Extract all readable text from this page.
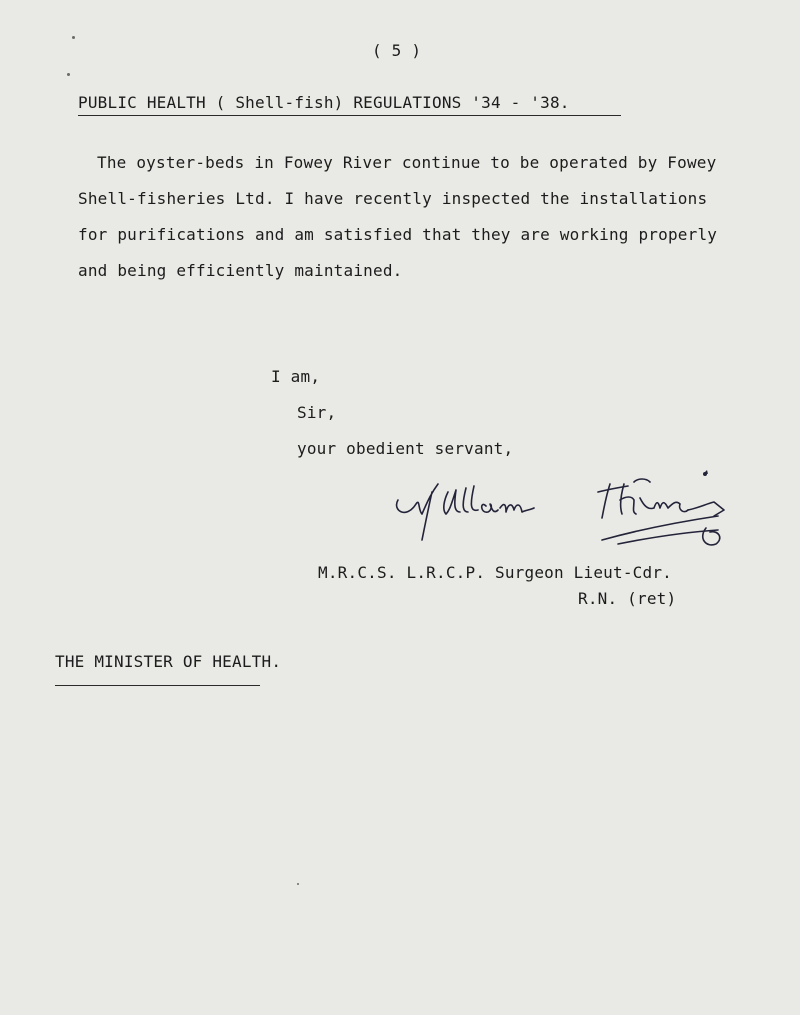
( 5 )
PUBLIC HEALTH ( Shell-fish) REGULATIONS '34 - '38.
The oyster-beds in Fowey River continue to be operated by Fowey
Shell-fisheries Ltd. I have recently inspected the installations
for purifications and am satisfied that they are working properly
and being efficiently maintained.
I am,
Sir,
your obedient servant,
M.R.C.S. L.R.C.P. Surgeon Lieut-Cdr.
R.N. (ret)
THE MINISTER OF HEALTH.
